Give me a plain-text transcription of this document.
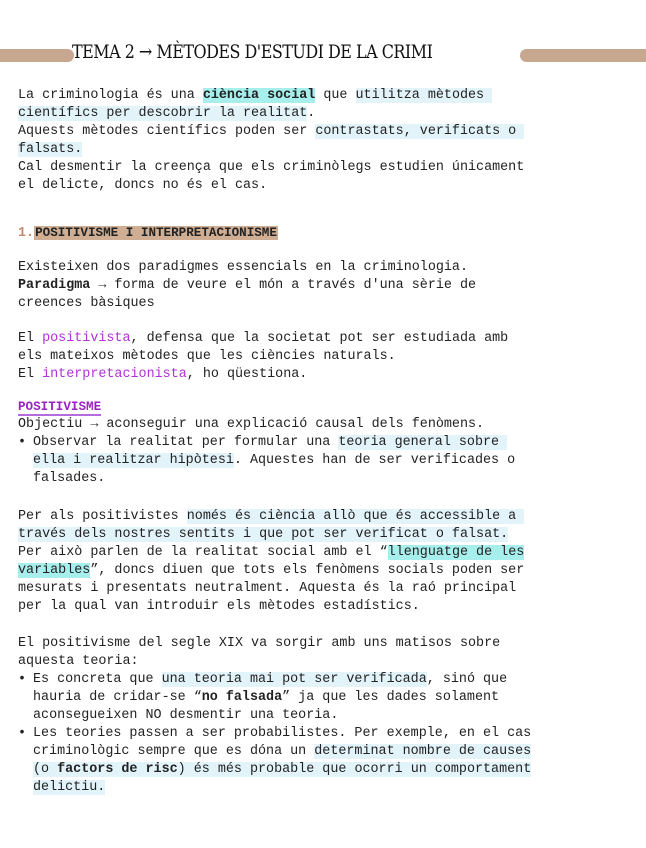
TEMA 2 → MÈTODES D'ESTUDI DE LA CRIMI
La criminologia és una ciència social que utilitza mètodes
científics per descobrir la realitat.
Aquests mètodes científics poden ser contrastats, verificats o
falsats.
Cal desmentir la creença que els criminòlegs estudien únicament
el delicte, doncs no és el cas.
1.POSITIVISME I INTERPRETACIONISME
Existeixen dos paradigmes essencials en la criminologia.
Paradigma → forma de veure el món a través d'una sèrie de
creences bàsiques
El positivista, defensa que la societat pot ser estudiada amb
els mateixos mètodes que les ciències naturals.
El interpretacionista, ho qüestiona.
POSITIVISME
Objectiu → aconseguir una explicació causal dels fenòmens.
• Observar la realitat per formular una teoria general sobre
ella i realitzar hipòtesi. Aquestes han de ser verificades o
falsades.
Per als positivistes només és ciència allò que és accessible a
través dels nostres sentits i que pot ser verificat o falsat.
Per això parlen de la realitat social amb el “llenguatge de les
variables”, doncs diuen que tots els fenòmens socials poden ser
mesurats i presentats neutralment. Aquesta és la raó principal
per la qual van introduir els mètodes estadístics.
El positivisme del segle XIX va sorgir amb uns matisos sobre
aquesta teoria:
• Es concreta que una teoria mai pot ser verificada, sinó que
hauria de cridar-se “no falsada” ja que les dades solament
aconsegueixen NO desmentir una teoria.
• Les teories passen a ser probabilistes. Per exemple, en el cas
criminològic sempre que es dóna un determinat nombre de causes
(o factors de risc) és més probable que ocorri un comportament
delictiu.
